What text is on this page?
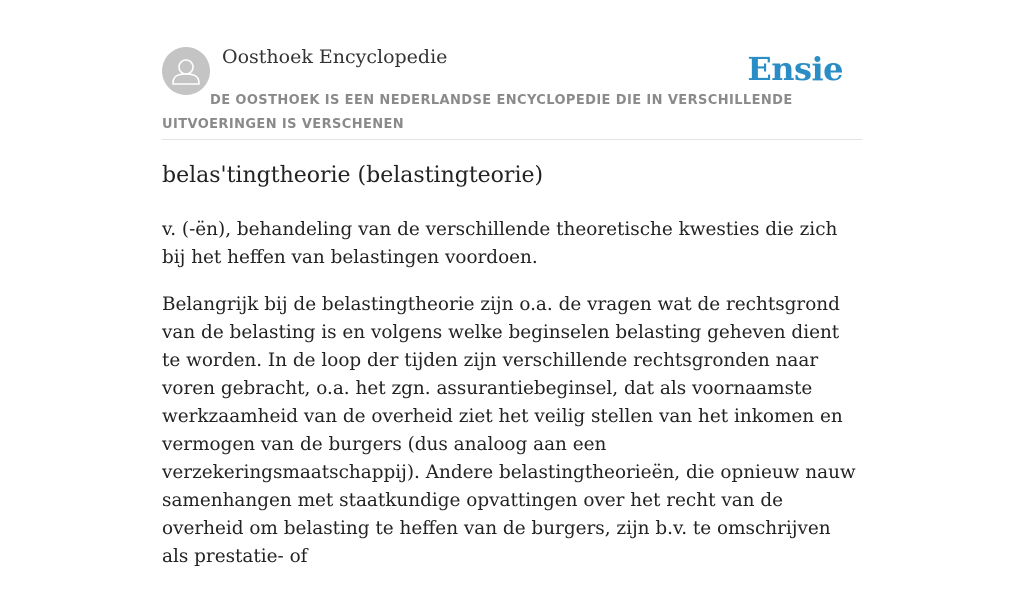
Oosthoek Encyclopedie	Ensie
DE OOSTHOEK IS EEN NEDERLANDSE ENCYCLOPEDIE DIE IN VERSCHILLENDE UITVOERINGEN IS VERSCHENEN
belas'tingtheorie (belastingteorie)

v. (-ën), behandeling van de verschillende theoretische kwesties die zich bij het heffen van belastingen voordoen.

Belangrijk bij de belastingtheorie zijn o.a. de vragen wat de rechtsgrond van de belasting is en volgens welke beginselen belasting geheven dient te worden. In de loop der tijden zijn verschillende rechtsgronden naar voren gebracht, o.a. het zgn. assurantiebeginsel, dat als voornaamste werkzaamheid van de overheid ziet het veilig stellen van het inkomen en vermogen van de burgers (dus analoog aan een verzekeringsmaatschappij). Andere belastingtheorieën, die opnieuw nauw samenhangen met staatkundige opvattingen over het recht van de overheid om belasting te heffen van de burgers, zijn b.v. te omschrijven als prestatie- of
